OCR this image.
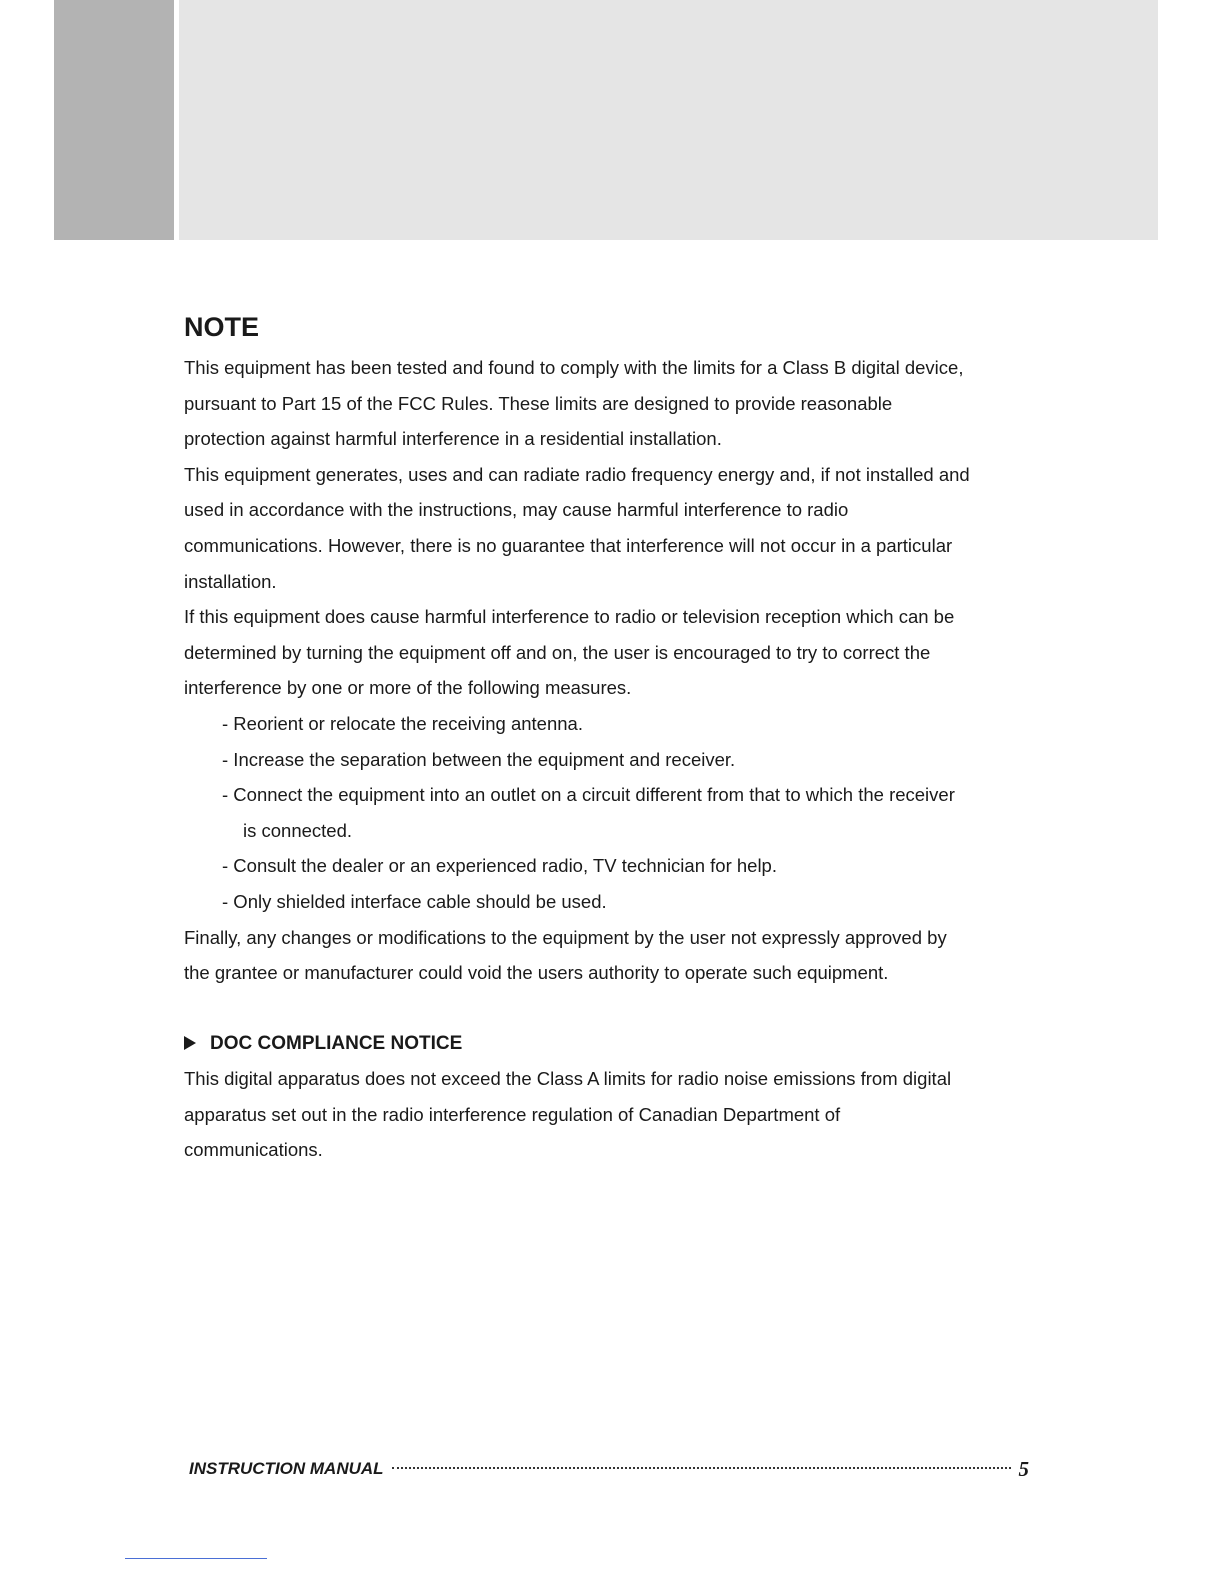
NOTE
This equipment has been tested and found to comply with the limits for a Class B digital device,
pursuant to Part 15 of the FCC Rules. These limits are designed to provide reasonable
protection against harmful interference in a residential installation.
This equipment generates, uses and can radiate radio frequency energy and, if not installed and
used in accordance with the instructions, may cause harmful interference to radio
communications. However, there is no guarantee that interference will not occur in a particular
installation.
If this equipment does cause harmful interference to radio or television reception which can be
determined by turning the equipment off and on, the user is encouraged to try to correct the
interference by one or more of the following measures.
- Reorient or relocate the receiving antenna.
- Increase the separation between the equipment and receiver.
- Connect the equipment into an outlet on a circuit different from that to which the receiver
is connected.
- Consult the dealer or an experienced radio, TV technician for help.
- Only shielded interface cable should be used.
Finally, any changes or modifications to the equipment by the user not expressly approved by
the grantee or manufacturer could void the users authority to operate such equipment.
DOC COMPLIANCE NOTICE
This digital apparatus does not exceed the Class A limits for radio noise emissions from digital
apparatus set out in the radio interference regulation of Canadian Department of
communications.
INSTRUCTION MANUAL	5
